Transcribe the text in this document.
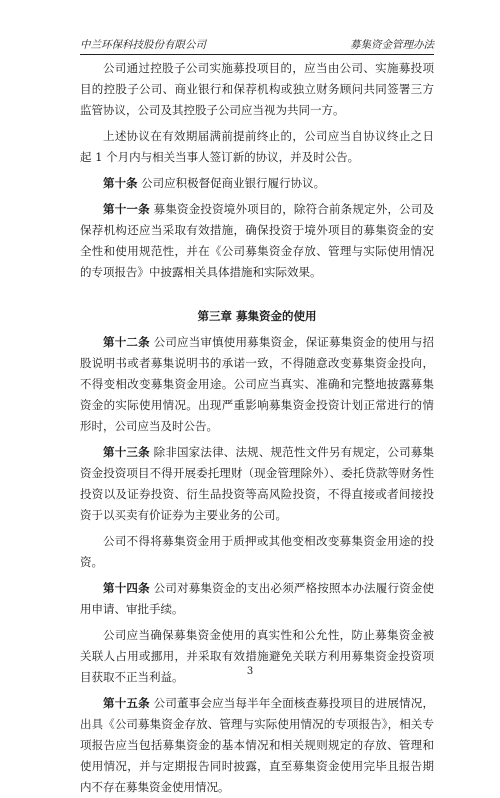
中兰环保科技股份有限公司	募集资金管理办法

公司通过控股子公司实施募投项目的，应当由公司、实施募投项目的控股子公司、商业银行和保荐机构或独立财务顾问共同签署三方监管协议，公司及其控股子公司应当视为共同一方。

上述协议在有效期届满前提前终止的，公司应当自协议终止之日起 1 个月内与相关当事人签订新的协议，并及时公告。

第十条 公司应积极督促商业银行履行协议。

第十一条 募集资金投资境外项目的，除符合前条规定外，公司及保荐机构还应当采取有效措施，确保投资于境外项目的募集资金的安全性和使用规范性，并在《公司募集资金存放、管理与实际使用情况的专项报告》中披露相关具体措施和实际效果。

第三章 募集资金的使用

第十二条 公司应当审慎使用募集资金，保证募集资金的使用与招股说明书或者募集说明书的承诺一致，不得随意改变募集资金投向，不得变相改变募集资金用途。公司应当真实、准确和完整地披露募集资金的实际使用情况。出现严重影响募集资金投资计划正常进行的情形时，公司应当及时公告。

第十三条 除非国家法律、法规、规范性文件另有规定，公司募集资金投资项目不得开展委托理财（现金管理除外）、委托贷款等财务性投资以及证券投资、衍生品投资等高风险投资，不得直接或者间接投资于以买卖有价证券为主要业务的公司。

公司不得将募集资金用于质押或其他变相改变募集资金用途的投资。

第十四条 公司对募集资金的支出必须严格按照本办法履行资金使用申请、审批手续。

公司应当确保募集资金使用的真实性和公允性，防止募集资金被关联人占用或挪用，并采取有效措施避免关联方利用募集资金投资项目获取不正当利益。

第十五条 公司董事会应当每半年全面核查募投项目的进展情况，出具《公司募集资金存放、管理与实际使用情况的专项报告》，相关专项报告应当包括募集资金的基本情况和相关规则规定的存放、管理和使用情况，并与定期报告同时披露，直至募集资金使用完毕且报告期内不存在募集资金使用情况。

3
